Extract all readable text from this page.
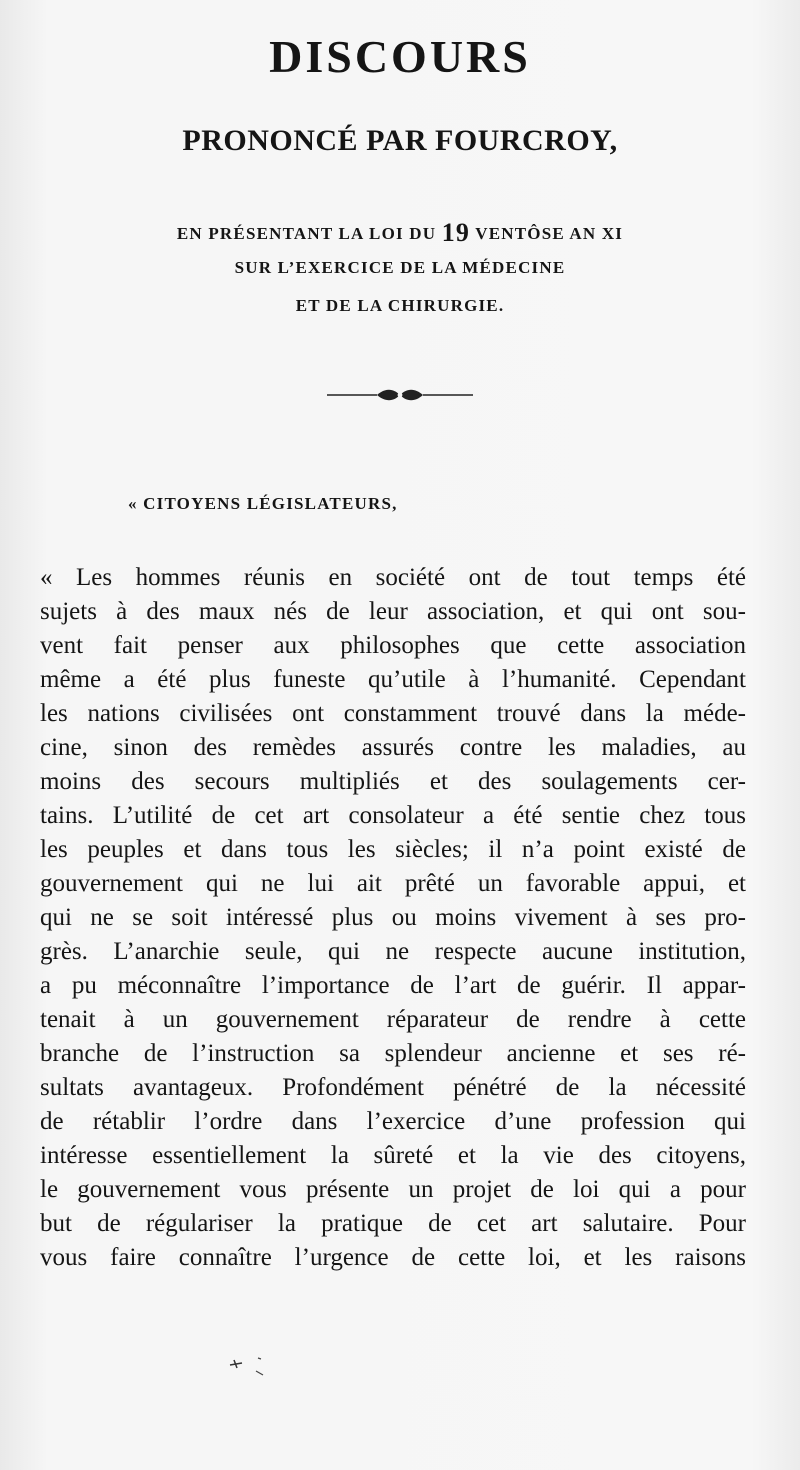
DISCOURS
PRONONCÉ PAR FOURCROY,
EN PRÉSENTANT LA LOI DU 19 VENTÔSE AN XI
SUR L’EXERCICE DE LA MÉDECINE
ET DE LA CHIRURGIE.
« CITOYENS LÉGISLATEURS,
« Les hommes réunis en société ont de tout temps été
sujets à des maux nés de leur association, et qui ont sou-
vent fait penser aux philosophes que cette association
même a été plus funeste qu’utile à l’humanité. Cependant
les nations civilisées ont constamment trouvé dans la méde-
cine, sinon des remèdes assurés contre les maladies, au
moins des secours multipliés et des soulagements cer-
tains. L’utilité de cet art consolateur a été sentie chez tous
les peuples et dans tous les siècles; il n’a point existé de
gouvernement qui ne lui ait prêté un favorable appui, et
qui ne se soit intéressé plus ou moins vivement à ses pro-
grès. L’anarchie seule, qui ne respecte aucune institution,
a pu méconnaître l’importance de l’art de guérir. Il appar-
tenait à un gouvernement réparateur de rendre à cette
branche de l’instruction sa splendeur ancienne et ses ré-
sultats avantageux. Profondément pénétré de la nécessité
de rétablir l’ordre dans l’exercice d’une profession qui
intéresse essentiellement la sûreté et la vie des citoyens,
le gouvernement vous présente un projet de loi qui a pour
but de régulariser la pratique de cet art salutaire. Pour
vous faire connaître l’urgence de cette loi, et les raisons
